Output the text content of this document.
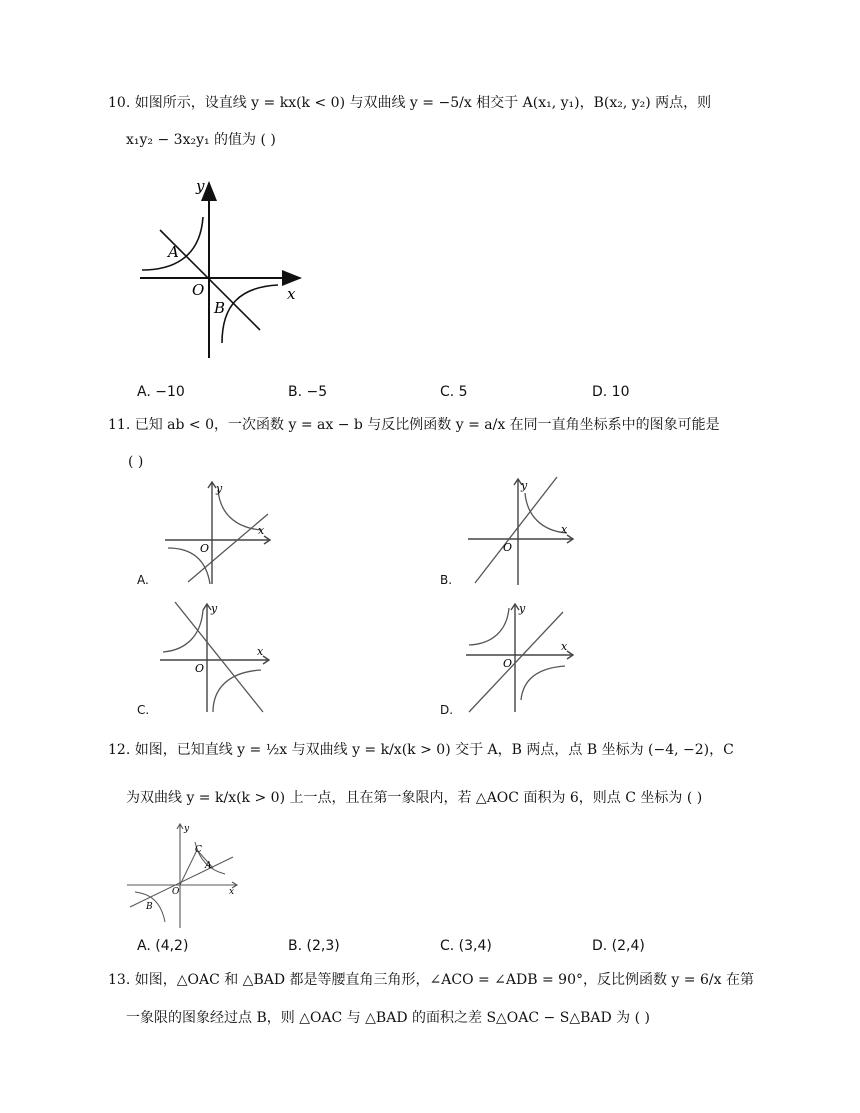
10. 如图所示，设直线 y = kx(k < 0) 与双曲线 y = −5/x 相交于 A(x₁, y₁)，B(x₂, y₂) 两点，则
x₁y₂ − 3x₂y₁ 的值为 ( )
y
x
O
A
B
A. −10	B. −5	C. 5	D. 10
11. 已知 ab < 0，一次函数 y = ax − b 与反比例函数 y = a/x 在同一直角坐标系中的图象可能是
( )
y
x
O
A.
y
x
O
B.
y
x
O
C.
y
x
O
D.
12. 如图，已知直线 y = ½x 与双曲线 y = k/x(k > 0) 交于 A，B 两点，点 B 坐标为 (−4, −2)，C
为双曲线 y = k/x(k > 0) 上一点，且在第一象限内，若 △AOC 面积为 6，则点 C 坐标为 ( )
y
x
O
C
A
B
A. (4,2)	B. (2,3)	C. (3,4)	D. (2,4)
13. 如图，△OAC 和 △BAD 都是等腰直角三角形，∠ACO = ∠ADB = 90°，反比例函数 y = 6/x 在第
一象限的图象经过点 B，则 △OAC 与 △BAD 的面积之差 S△OAC − S△BAD 为 ( )
